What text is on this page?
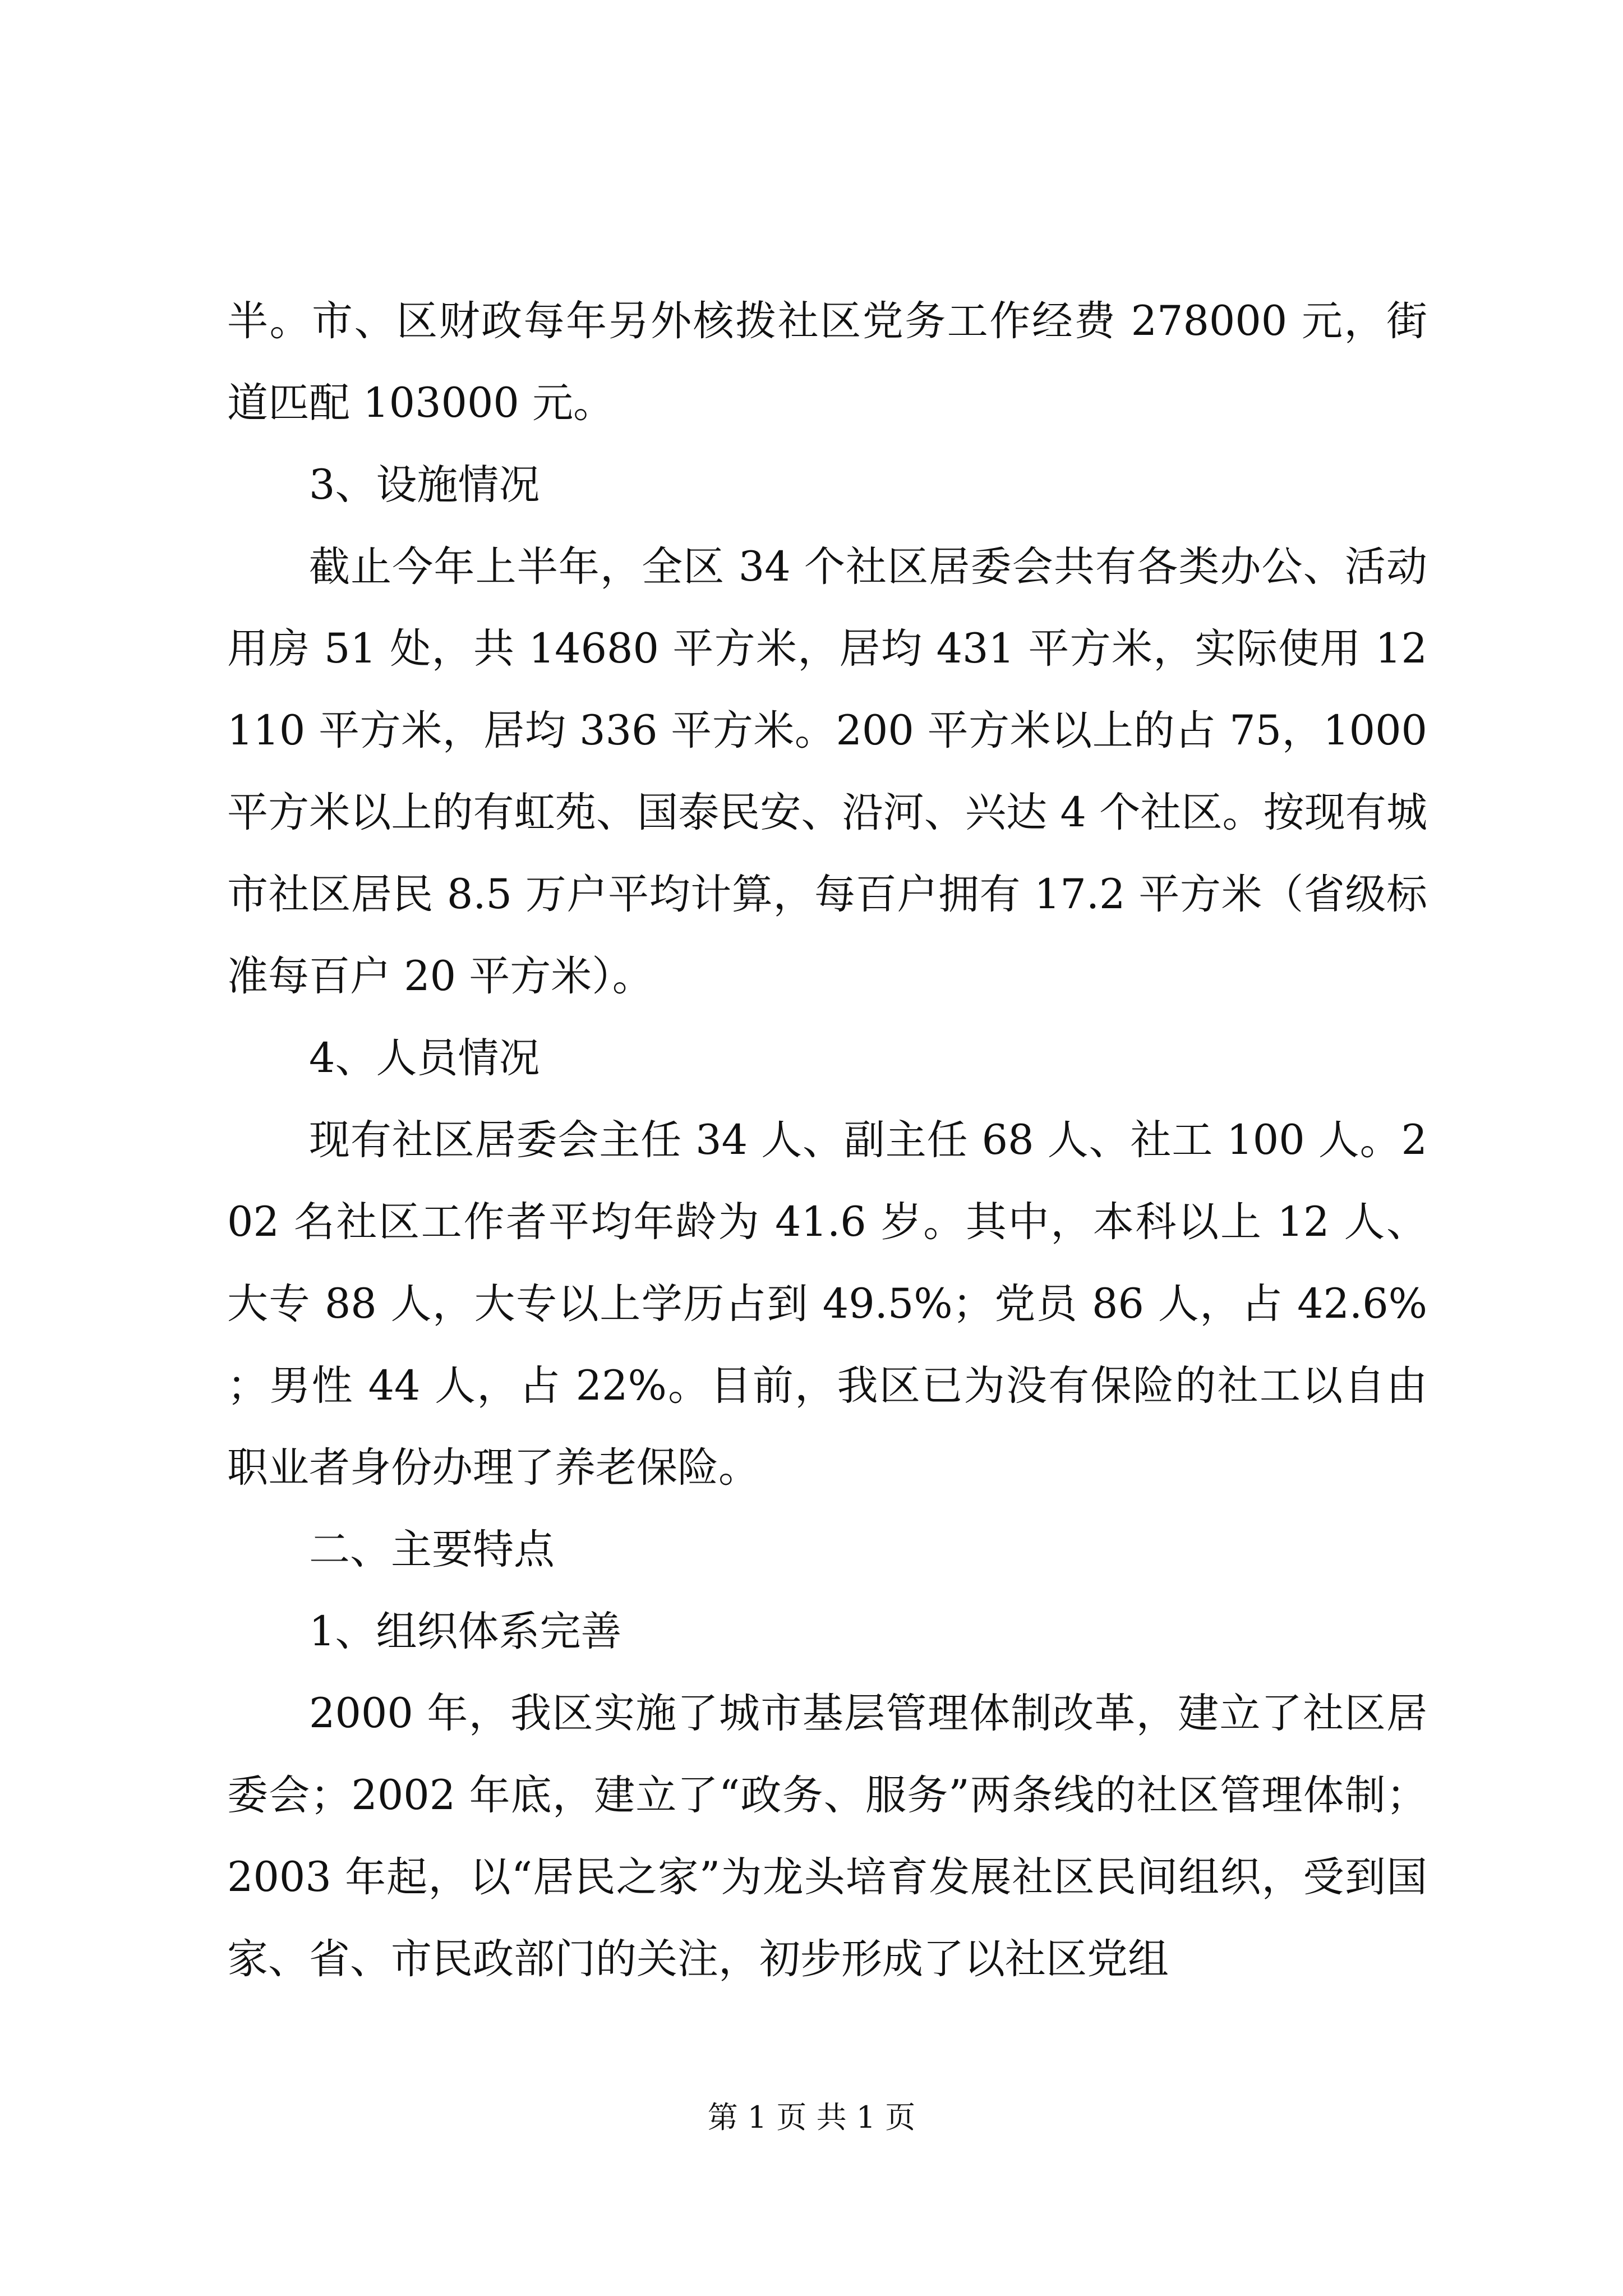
半。市、区财政每年另外核拨社区党务工作经费 278000 元，街道匹配 103000 元。

3、设施情况

截止今年上半年，全区 34 个社区居委会共有各类办公、活动用房 51 处，共 14680 平方米，居均 431 平方米，实际使用 12110 平方米，居均 336 平方米。200 平方米以上的占 75，1000 平方米以上的有虹苑、国泰民安、沿河、兴达 4 个社区。按现有城市社区居民 8.5 万户平均计算，每百户拥有 17.2 平方米（省级标准每百户 20 平方米）。

4、人员情况

现有社区居委会主任 34 人、副主任 68 人、社工 100 人。202 名社区工作者平均年龄为 41.6 岁。其中，本科以上 12 人、大专 88 人，大专以上学历占到 49.5%；党员 86 人，占 42.6%；男性 44 人，占 22%。目前，我区已为没有保险的社工以自由职业者身份办理了养老保险。

二、主要特点

1、组织体系完善

2000 年，我区实施了城市基层管理体制改革，建立了社区居委会；2002 年底，建立了“政务、服务”两条线的社区管理体制；2003 年起，以“居民之家”为龙头培育发展社区民间组织，受到国家、省、市民政部门的关注，初步形成了以社区党组

第 1 页 共 1 页
